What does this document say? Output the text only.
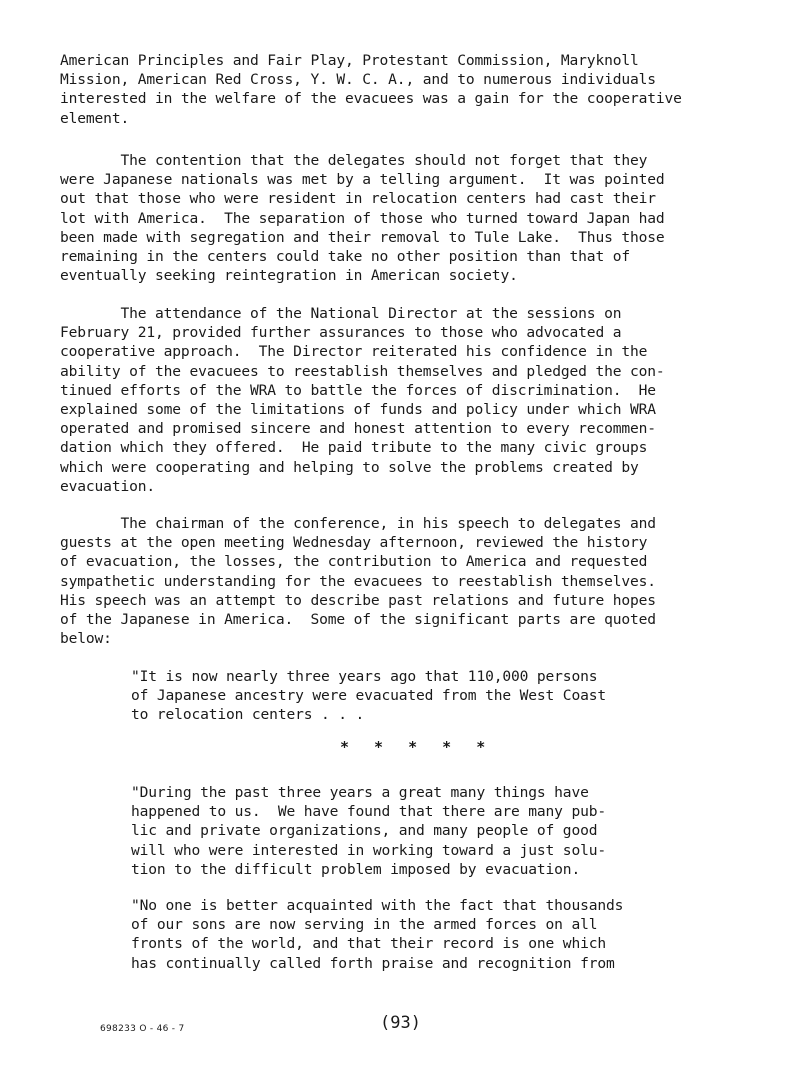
American Principles and Fair Play, Protestant Commission, Maryknoll
Mission, American Red Cross, Y. W. C. A., and to numerous individuals
interested in the welfare of the evacuees was a gain for the cooperative
element.
The contention that the delegates should not forget that they
were Japanese nationals was met by a telling argument.  It was pointed
out that those who were resident in relocation centers had cast their
lot with America.  The separation of those who turned toward Japan had
been made with segregation and their removal to Tule Lake.  Thus those
remaining in the centers could take no other position than that of
eventually seeking reintegration in American society.
The attendance of the National Director at the sessions on
February 21, provided further assurances to those who advocated a
cooperative approach.  The Director reiterated his confidence in the
ability of the evacuees to reestablish themselves and pledged the con-
tinued efforts of the WRA to battle the forces of discrimination.  He
explained some of the limitations of funds and policy under which WRA
operated and promised sincere and honest attention to every recommen-
dation which they offered.  He paid tribute to the many civic groups
which were cooperating and helping to solve the problems created by
evacuation.
The chairman of the conference, in his speech to delegates and
guests at the open meeting Wednesday afternoon, reviewed the history
of evacuation, the losses, the contribution to America and requested
sympathetic understanding for the evacuees to reestablish themselves.
His speech was an attempt to describe past relations and future hopes
of the Japanese in America.  Some of the significant parts are quoted
below:
"It is now nearly three years ago that 110,000 persons
of Japanese ancestry were evacuated from the West Coast
to relocation centers . . .
* * * * *
"During the past three years a great many things have
happened to us.  We have found that there are many pub-
lic and private organizations, and many people of good
will who were interested in working toward a just solu-
tion to the difficult problem imposed by evacuation.
"No one is better acquainted with the fact that thousands
of our sons are now serving in the armed forces on all
fronts of the world, and that their record is one which
has continually called forth praise and recognition from
698233 O - 46 - 7	(93)
